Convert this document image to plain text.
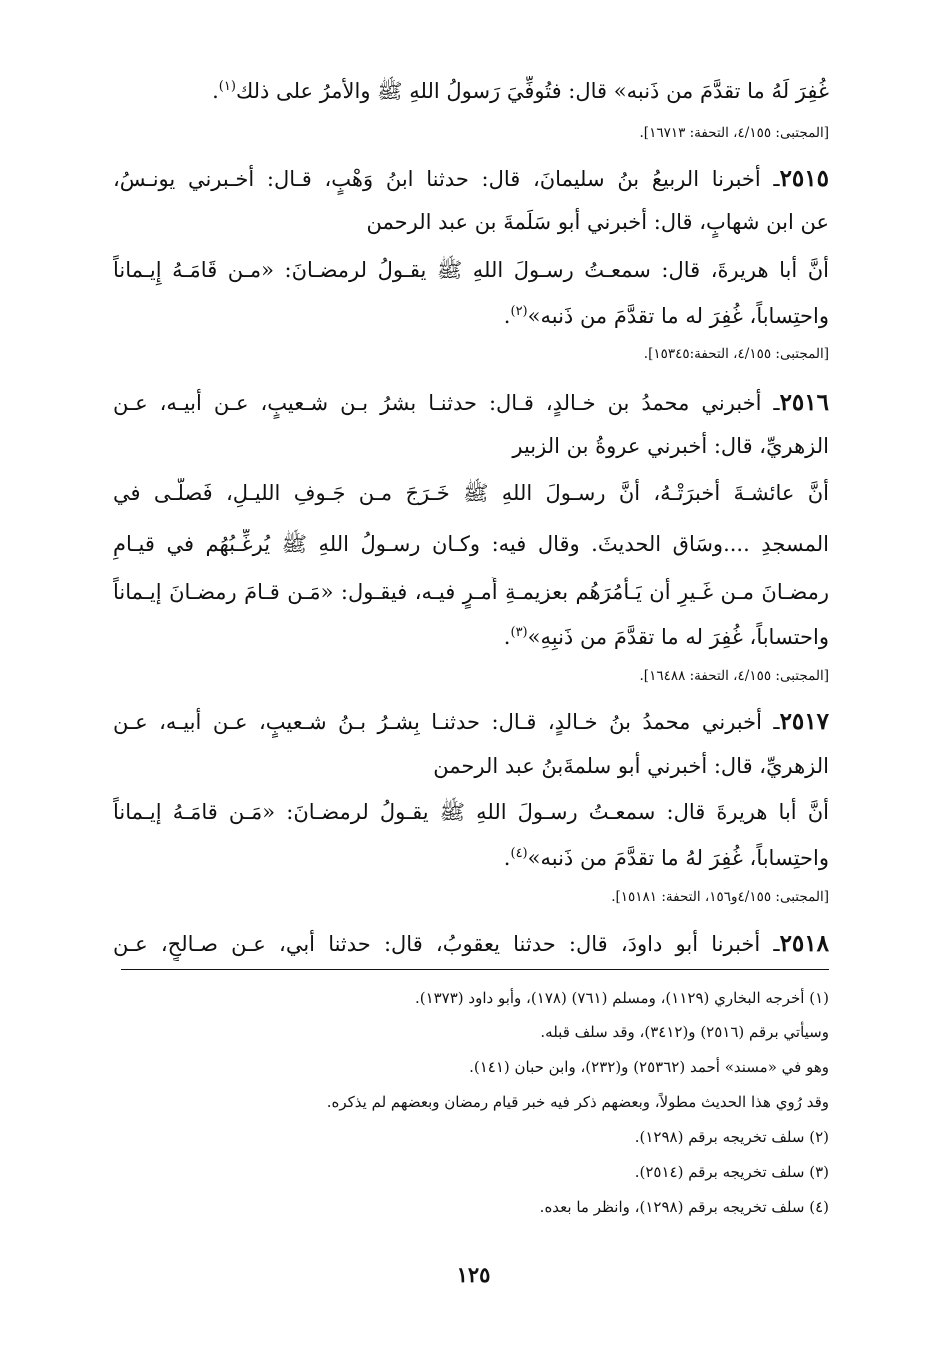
غُفِرَ لَهُ ما تقدَّمَ من ذَنبه» قال: فتُوفِّيَ رَسولُ اللهِ ﷺ والأمرُ على ذلك$^{(١)}$.
[المجتبى: ٤/١٥٥، التحفة: ١٦٧١٣].
٢٥١٥ـ أخبرنا الربيعُ بنُ سليمانَ، قال: حدثنا ابنُ وَهْبٍ، قـال: أخـبرني يونـسُ،
عن ابن شهابٍ، قال: أخبرني أبو سَلَمةَ بن عبد الرحمن
أنَّ أبا هريرةَ، قال: سمعـتُ رسـولَ اللهِ ﷺ يقـولُ لرمضـانَ: «مـن قَامَـهُ إِيـماناً
واحتِساباً، غُفِرَ له ما تقدَّمَ من ذَنبه»$^{(٢)}$.
[المجتبى: ٤/١٥٥، التحفة:١٥٣٤٥].
٢٥١٦ـ أخبرني محمدُ بن خـالدٍ، قـال: حدثنـا بشرُ بـن شـعيبٍ، عـن أبيـه، عـن
الزهريِّ، قال: أخبرني عروةُ بن الزبير
أنَّ عائشـةَ أخبرَتْـهُ، أنَّ رسـولَ اللهِ ﷺ خَـرَجَ مـن جَـوفِ الليـلِ، فَصلَّـى في
المسجدِ ....وسَاق الحديثَ. وقال فيه: وكـان رسـولُ اللهِ ﷺ يُرغِّـبُهُم في قيـامِ
رمضـانَ مـن غَـيرِ أن يَـأمُرَهُم بعزيمـةِ أَمـرٍ فيـه، فيقـول: «مَـن قـامَ رمضـانَ إيـماناً
واحتساباً، غُفِرَ له ما تقدَّمَ من ذَنبِهِ»$^{(٣)}$.
[المجتبى: ٤/١٥٥، التحفة: ١٦٤٨٨].
٢٥١٧ـ أخبرني محمدُ بنُ خـالدٍ، قـال: حدثنـا بِشـرُ بـنُ شـعيبٍ، عـن أبيـه، عـن
الزهريِّ، قال: أخبرني أبو سلمةَبنُ عبد الرحمن
أنَّ أبا هريرةَ قال: سمعـتُ رسـولَ اللهِ ﷺ يقـولُ لرمضـانَ: «مَـن قامَـهُ إيـماناً
واحتِساباً، غُفِرَ لهُ ما تقدَّمَ من ذَنبه»$^{(٤)}$.
[المجتبى: ٤/١٥٥و١٥٦، التحفة: ١٥١٨١].
٢٥١٨ـ أخبرنا أبو داودَ، قال: حدثنا يعقوبُ، قال: حدثنا أبي، عـن صـالحٍ، عـن
(١) أخرجه البخاري (١١٢٩)، ومسلم (٧٦١) (١٧٨)، وأبو داود (١٣٧٣).
وسيأتي برقم (٢٥١٦) و(٣٤١٢)، وقد سلف قبله.
وهو في «مسند» أحمد (٢٥٣٦٢) و(٢٣٢)، وابن حبان (١٤١).
وقد رُوي هذا الحديث مطولاً، وبعضهم ذكر فيه خبر قيام رمضان وبعضهم لم يذكره.
(٢) سلف تخريجه برقم (١٢٩٨).
(٣) سلف تخريجه برقم (٢٥١٤).
(٤) سلف تخريجه برقم (١٢٩٨)، وانظر ما بعده.
١٢٥
